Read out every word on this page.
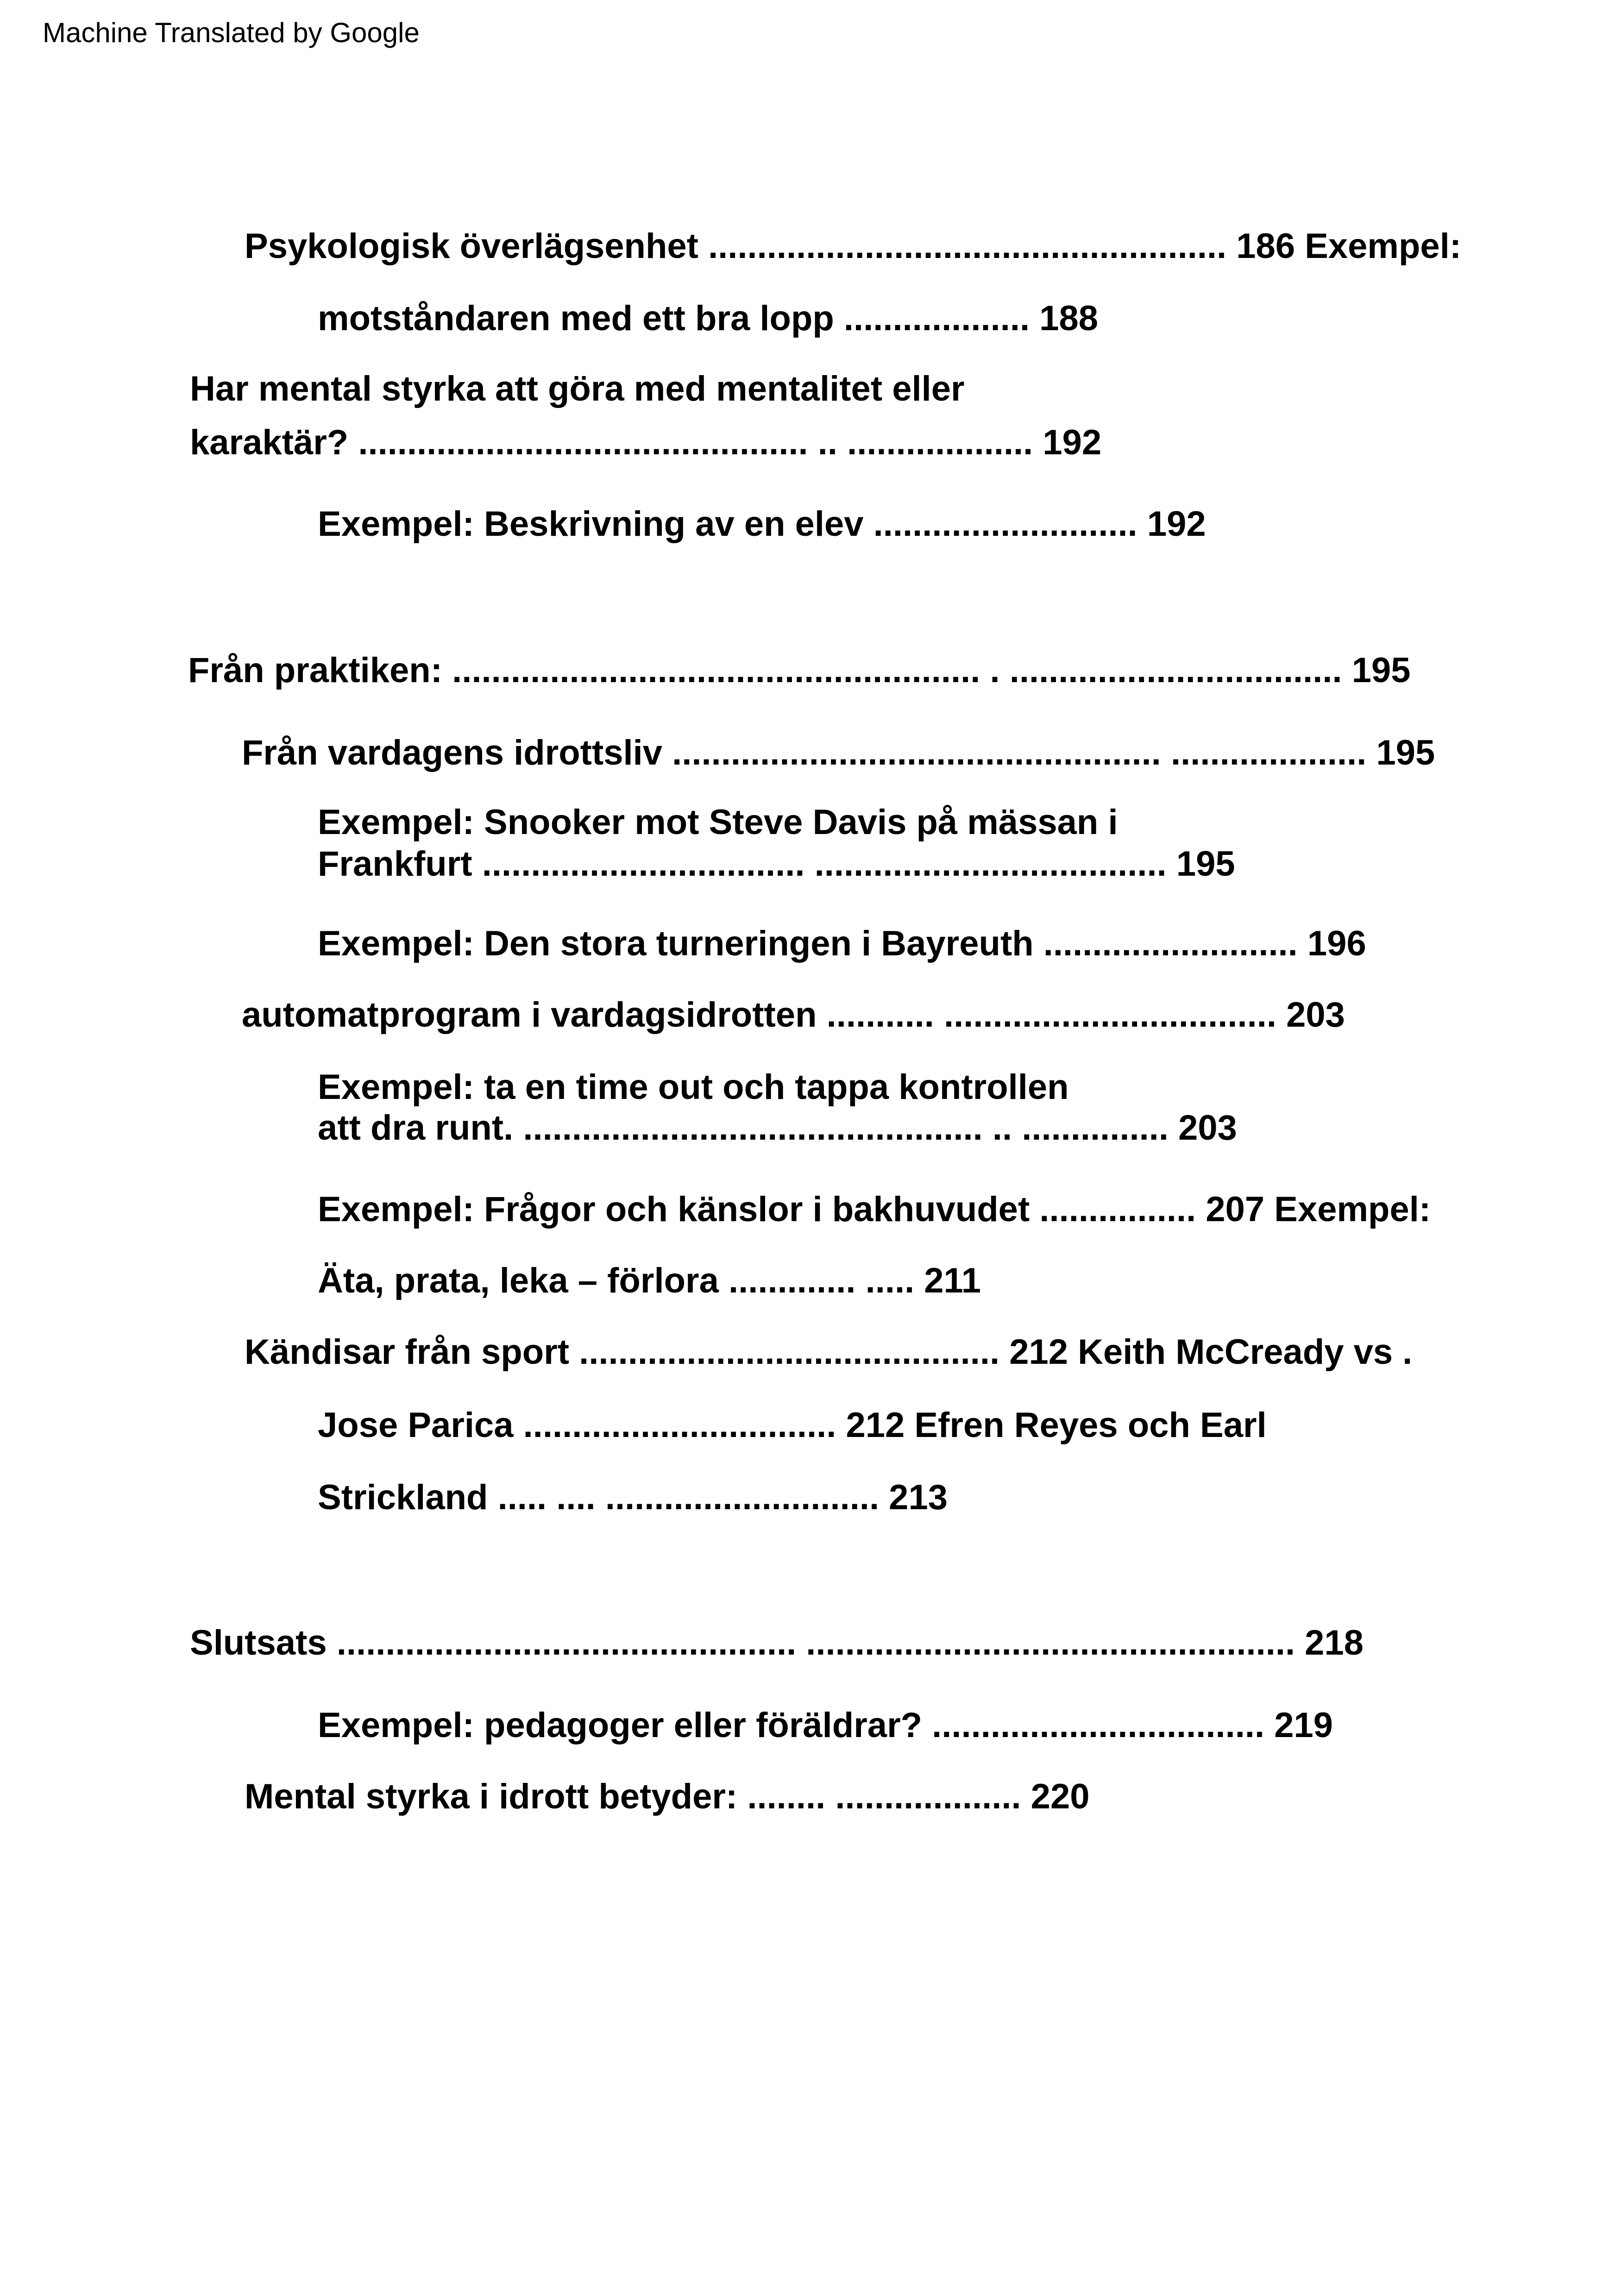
Machine Translated by Google
Psykologisk överlägsenhet ..................................................... 186 Exempel:
motståndaren med ett bra lopp ................... 188
Har mental styrka att göra med mentalitet eller
karaktär? .............................................. .. ................... 192
Exempel: Beskrivning av en elev ........................... 192
Från praktiken: ...................................................... . .................................. 195
Från vardagens idrottsliv .................................................. .................... 195
Exempel: Snooker mot Steve Davis på mässan i
Frankfurt ................................. .................................... 195
Exempel: Den stora turneringen i Bayreuth .......................... 196
automatprogram i vardagsidrotten ........... .................................. 203
Exempel: ta en time out och tappa kontrollen
att dra runt. ............................................... .. ............... 203
Exempel: Frågor och känslor i bakhuvudet ................ 207 Exempel:
Äta, prata, leka – förlora ............. ..... 211
Kändisar från sport ........................................... 212 Keith McCready vs .
Jose Parica ................................ 212 Efren Reyes och Earl
Strickland ..... .... ............................ 213
Slutsats ............................................... .................................................. 218
Exempel: pedagoger eller föräldrar? .................................. 219
Mental styrka i idrott betyder: ........ ................... 220
